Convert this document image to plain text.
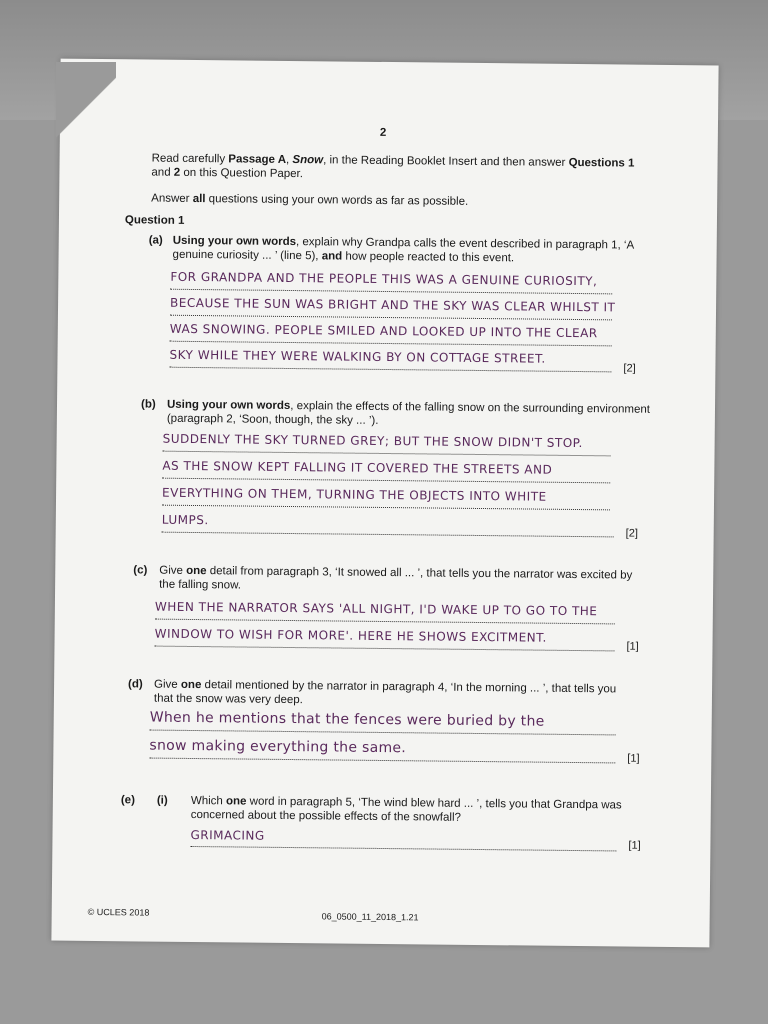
2
Read carefully Passage A, Snow, in the Reading Booklet Insert and then answer Questions 1
and 2 on this Question Paper.
Answer all questions using your own words as far as possible.
Question 1
(a) Using your own words, explain why Grandpa calls the event described in paragraph 1, ‘A
genuine curiosity ... ’ (line 5), and how people reacted to this event.
FOR GRANDPA AND THE PEOPLE THIS WAS A GENUINE CURIOSITY,
BECAUSE THE SUN WAS BRIGHT AND THE SKY WAS CLEAR WHILST IT
WAS SNOWING. PEOPLE SMILED AND LOOKED UP INTO THE CLEAR
SKY WHILE THEY WERE WALKING BY ON COTTAGE STREET.
[2]
(b) Using your own words, explain the effects of the falling snow on the surrounding environment
(paragraph 2, ‘Soon, though, the sky ... ’).
SUDDENLY THE SKY TURNED GREY; BUT THE SNOW DIDN'T STOP.
AS THE SNOW KEPT FALLING IT COVERED THE STREETS AND
EVERYTHING ON THEM, TURNING THE OBJECTS INTO WHITE
LUMPS.
[2]
(c) Give one detail from paragraph 3, ‘It snowed all ... ’, that tells you the narrator was excited by
the falling snow.
WHEN THE NARRATOR SAYS 'ALL NIGHT, I'D WAKE UP TO GO TO THE
WINDOW TO WISH FOR MORE'. HERE HE SHOWS EXCITMENT.
[1]
(d) Give one detail mentioned by the narrator in paragraph 4, ‘In the morning ... ’, that tells you
that the snow was very deep.
When he mentions that the fences were buried by the
snow making everything the same.
[1]
(e) (i) Which one word in paragraph 5, ‘The wind blew hard ... ’, tells you that Grandpa was
concerned about the possible effects of the snowfall?
GRIMACING
[1]
© UCLES 2018	06_0500_11_2018_1.21
